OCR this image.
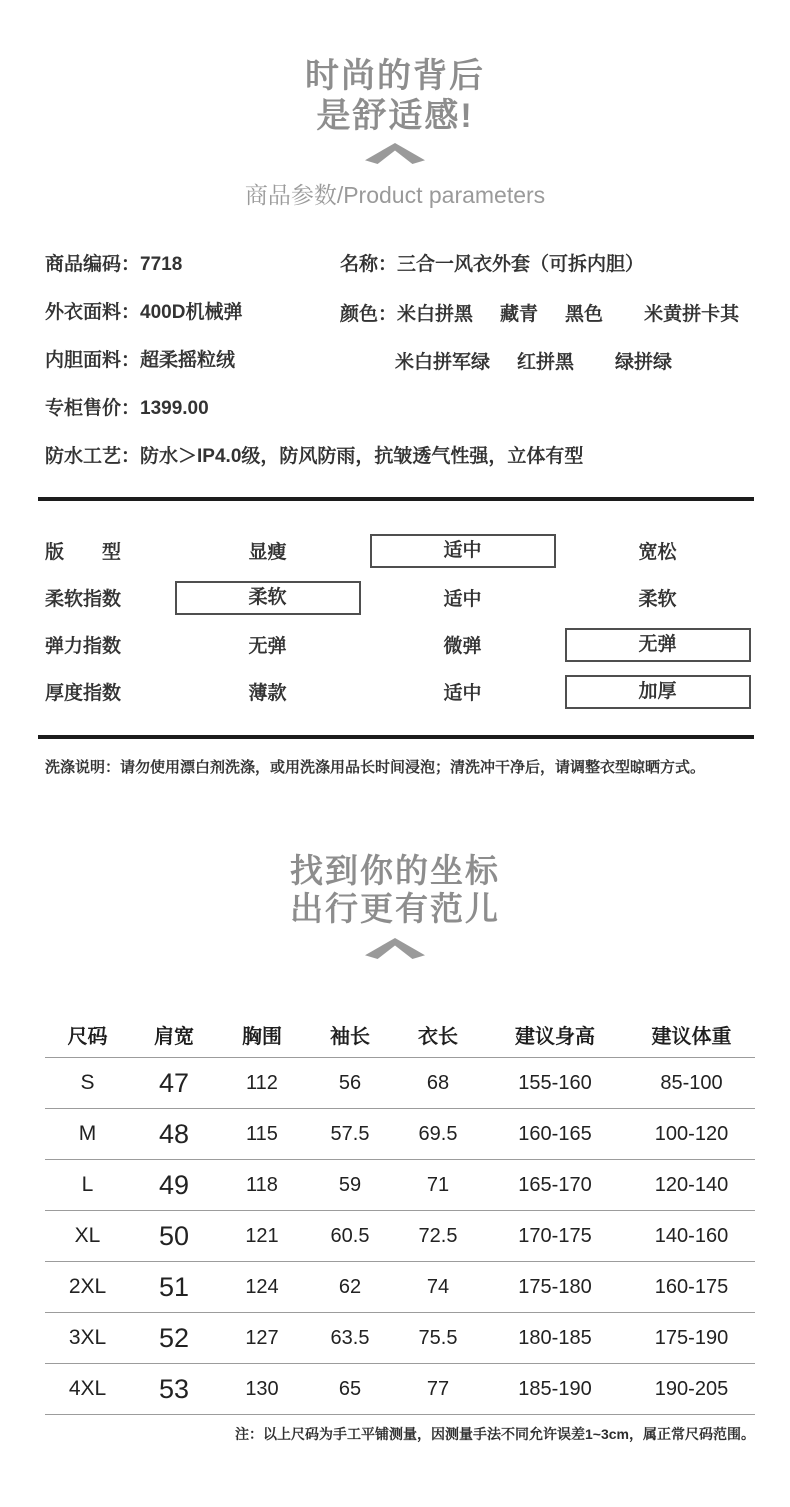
时尚的背后
是舒适感!
商品参数/Product parameters
商品编码：7718
外衣面料：400D机械弹
内胆面料：超柔摇粒绒
专柜售价：1399.00
名称：三合一风衣外套（可拆内胆）
颜色： 米白拼黑 藏青 黑色 米黄拼卡其
米白拼军绿 红拼黑 绿拼绿
防水工艺：防水＞IP4.0级，防风防雨，抗皱透气性强，立体有型
版　　型	显瘦	适中	宽松
柔软指数	柔软	适中	柔软
弹力指数	无弹	微弹	无弹
厚度指数	薄款	适中	加厚
洗涤说明：请勿使用漂白剂洗涤，或用洗涤用品长时间浸泡；清洗冲干净后，请调整衣型晾晒方式。
找到你的坐标
出行更有范儿
尺码	肩宽	胸围	袖长	衣长	建议身高	建议体重
S	47	112	56	68	155-160	85-100
M	48	115	57.5	69.5	160-165	100-120
L	49	118	59	71	165-170	120-140
XL	50	121	60.5	72.5	170-175	140-160
2XL	51	124	62	74	175-180	160-175
3XL	52	127	63.5	75.5	180-185	175-190
4XL	53	130	65	77	185-190	190-205
注：以上尺码为手工平铺测量，因测量手法不同允许误差1~3cm，属正常尺码范围。
